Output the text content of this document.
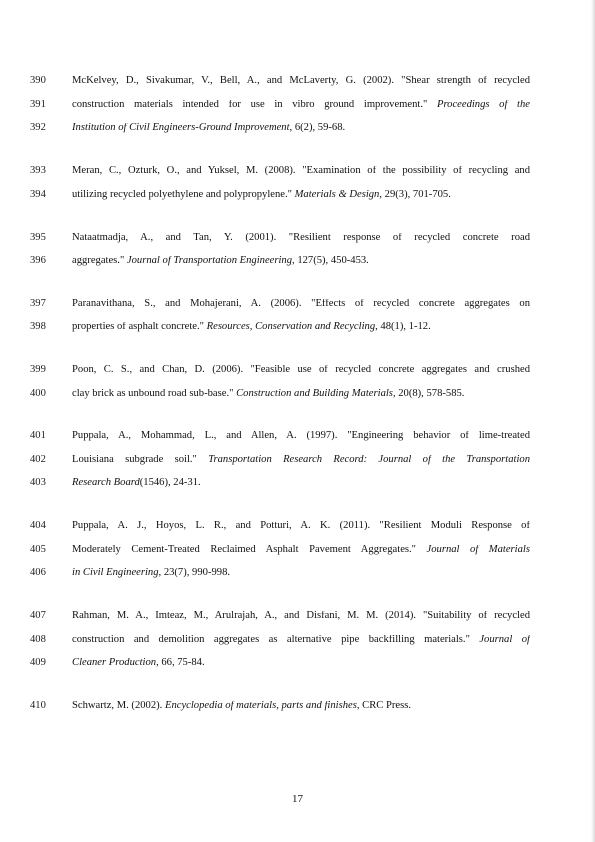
390	McKelvey, D., Sivakumar, V., Bell, A., and McLaverty, G. (2002). "Shear strength of recycled
391	construction materials intended for use in vibro ground improvement." Proceedings of the
392	Institution of Civil Engineers-Ground Improvement, 6(2), 59-68.
393	Meran, C., Ozturk, O., and Yuksel, M. (2008). "Examination of the possibility of recycling and
394	utilizing recycled polyethylene and polypropylene." Materials & Design, 29(3), 701-705.
395	Nataatmadja, A., and Tan, Y. (2001). "Resilient response of recycled concrete road
396	aggregates." Journal of Transportation Engineering, 127(5), 450-453.
397	Paranavithana, S., and Mohajerani, A. (2006). "Effects of recycled concrete aggregates on
398	properties of asphalt concrete." Resources, Conservation and Recycling, 48(1), 1-12.
399	Poon, C. S., and Chan, D. (2006). "Feasible use of recycled concrete aggregates and crushed
400	clay brick as unbound road sub-base." Construction and Building Materials, 20(8), 578-585.
401	Puppala, A., Mohammad, L., and Allen, A. (1997). "Engineering behavior of lime-treated
402	Louisiana subgrade soil." Transportation Research Record: Journal of the Transportation
403	Research Board(1546), 24-31.
404	Puppala, A. J., Hoyos, L. R., and Potturi, A. K. (2011). "Resilient Moduli Response of
405	Moderately Cement-Treated Reclaimed Asphalt Pavement Aggregates." Journal of Materials
406	in Civil Engineering, 23(7), 990-998.
407	Rahman, M. A., Imteaz, M., Arulrajah, A., and Disfani, M. M. (2014). "Suitability of recycled
408	construction and demolition aggregates as alternative pipe backfilling materials." Journal of
409	Cleaner Production, 66, 75-84.
410	Schwartz, M. (2002). Encyclopedia of materials, parts and finishes, CRC Press.
17
